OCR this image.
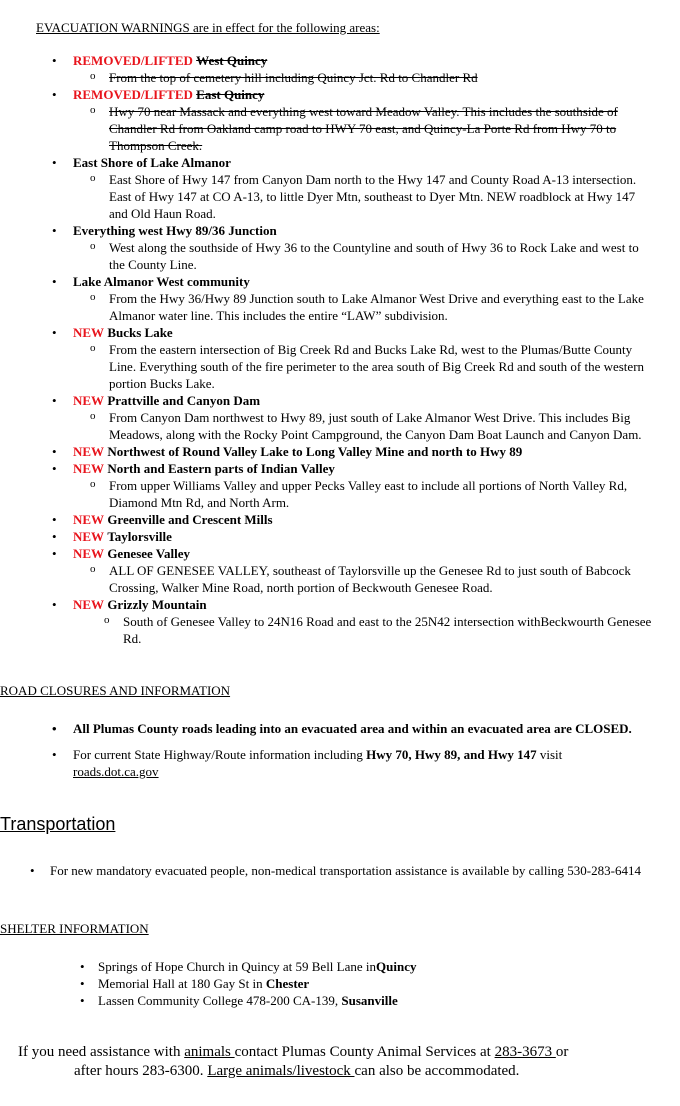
EVACUATION WARNINGS are in effect for the following areas:
• REMOVED/LIFTED West Quincy
o From the top of cemetery hill including Quincy Jct. Rd to Chandler Rd
• REMOVED/LIFTED East Quincy
o Hwy 70 near Massack and everything west toward Meadow Valley. This includes the southside of Chandler Rd from Oakland camp road to HWY 70 east, and Quincy-La Porte Rd from Hwy 70 to Thompson Creek.
• East Shore of Lake Almanor
o East Shore of Hwy 147 from Canyon Dam north to the Hwy 147 and County Road A-13 intersection. East of Hwy 147 at CO A-13, to little Dyer Mtn, southeast to Dyer Mtn. NEW roadblock at Hwy 147 and Old Haun Road.
• Everything west Hwy 89/36 Junction
o West along the southside of Hwy 36 to the Countyline and south of Hwy 36 to Rock Lake and west to the County Line.
• Lake Almanor West community
o From the Hwy 36/Hwy 89 Junction south to Lake Almanor West Drive and everything east to the Lake Almanor water line. This includes the entire “LAW” subdivision.
• NEW Bucks Lake
o From the eastern intersection of Big Creek Rd and Bucks Lake Rd, west to the Plumas/Butte County Line. Everything south of the fire perimeter to the area south of Big Creek Rd and south of the western portion Bucks Lake.
• NEW Prattville and Canyon Dam
o From Canyon Dam northwest to Hwy 89, just south of Lake Almanor West Drive. This includes Big Meadows, along with the Rocky Point Campground, the Canyon Dam Boat Launch and Canyon Dam.
• NEW Northwest of Round Valley Lake to Long Valley Mine and north to Hwy 89
• NEW North and Eastern parts of Indian Valley
o From upper Williams Valley and upper Pecks Valley east to include all portions of North Valley Rd, Diamond Mtn Rd, and North Arm.
• NEW Greenville and Crescent Mills
• NEW Taylorsville
• NEW Genesee Valley
o ALL OF GENESEE VALLEY, southeast of Taylorsville up the Genesee Rd to just south of Babcock Crossing, Walker Mine Road, north portion of Beckwouth Genesee Road.
• NEW Grizzly Mountain
o South of Genesee Valley to 24N16 Road and east to the 25N42 intersection withBeckwourth Genesee Rd.
ROAD CLOSURES AND INFORMATION
• All Plumas County roads leading into an evacuated area and within an evacuated area are CLOSED.
• For current State Highway/Route information including Hwy 70, Hwy 89, and Hwy 147 visit
roads.dot.ca.gov
Transportation
• For new mandatory evacuated people, non-medical transportation assistance is available by calling 530-283-6414
SHELTER INFORMATION
• Springs of Hope Church in Quincy at 59 Bell Lane inQuincy
• Memorial Hall at 180 Gay St in Chester
• Lassen Community College 478-200 CA-139, Susanville
If you need assistance with animals contact Plumas County Animal Services at 283-3673 or
after hours 283-6300. Large animals/livestock can also be accommodated.
